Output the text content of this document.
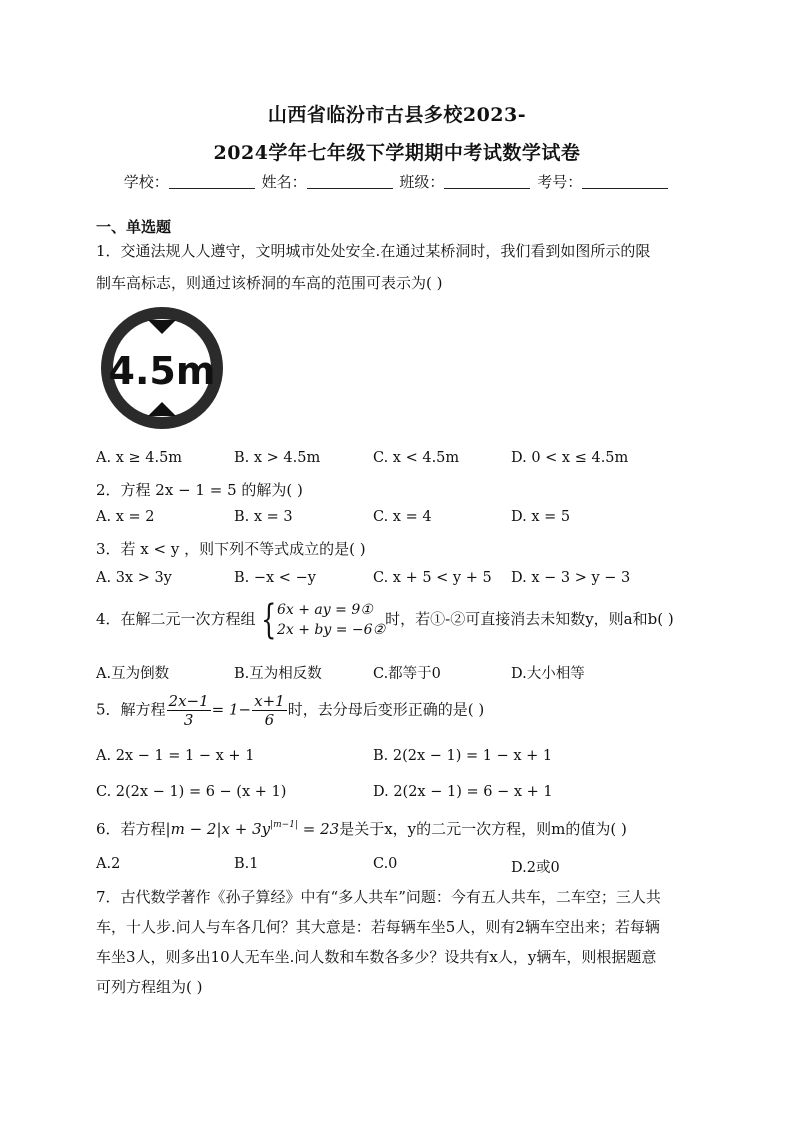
山西省临汾市古县多校2023-
2024学年七年级下学期期中考试数学试卷
学校：	姓名：	班级：	考号：
一、单选题
1．交通法规人人遵守，文明城市处处安全.在通过某桥洞时，我们看到如图所示的限
制车高标志，则通过该桥洞的车高的范围可表示为( )
4.5m
A. x ≥ 4.5m	B. x > 4.5m	C. x < 4.5m	D. 0 < x ≤ 4.5m
2．方程 2x − 1 = 5 的解为( )
A. x = 2	B. x = 3	C. x = 4	D. x = 5
3．若 x < y ，则下列不等式成立的是( )
A. 3x > 3y	B. −x < −y	C. x + 5 < y + 5 D. x − 3 > y − 3
4．在解二元一次方程组 { 6x + ay = 9①
2x + by = −6②
时，若①-②可直接消去未知数y，则a和b( )
A.互为倒数	B.互为相反数	C.都等于0	D.大小相等
5．解方程 $\frac{2x-1}{3} = 1- \frac{x+1}{6}$ 时，去分母后变形正确的是( )
A. 2x − 1 = 1 − x + 1	B. 2(2x − 1) = 1 − x + 1
C. 2(2x − 1) = 6 − (x + 1)	D. 2(2x − 1) = 6 − x + 1
6．若方程$|m - 2|x + 3y^{|m-1|} = 23$是关于x，y的二元一次方程，则m的值为( )
A.2	B.1	C.0	D.2或0
7．古代数学著作《孙子算经》中有“多人共车”问题：今有五人共车，二车空；三人共
车，十人步.问人与车各几何？其大意是：若每辆车坐5人，则有2辆车空出来；若每辆
车坐3人，则多出10人无车坐.问人数和车数各多少？设共有x人，y辆车，则根据题意
可列方程组为( )
